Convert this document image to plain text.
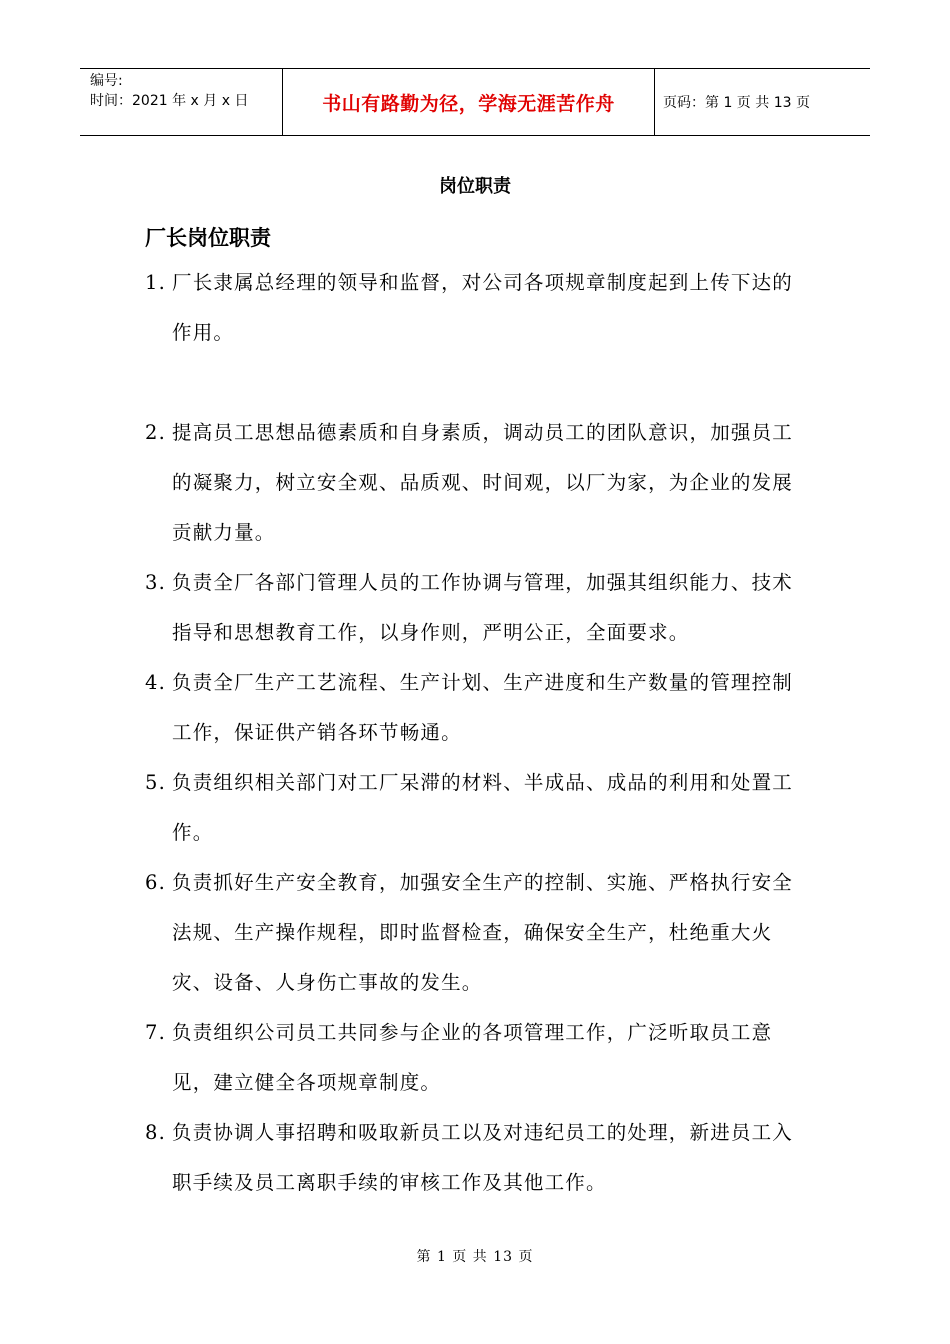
编号:
时间：2021 年 x 月 x 日	书山有路勤为径，学海无涯苦作舟	页码：第 1 页 共 13 页
岗位职责
厂长岗位职责
1. 厂长隶属总经理的领导和监督，对公司各项规章制度起到上传下达的作用。
2. 提高员工思想品德素质和自身素质，调动员工的团队意识，加强员工的凝聚力，树立安全观、品质观、时间观，以厂为家，为企业的发展贡献力量。
3. 负责全厂各部门管理人员的工作协调与管理，加强其组织能力、技术指导和思想教育工作，以身作则，严明公正，全面要求。
4. 负责全厂生产工艺流程、生产计划、生产进度和生产数量的管理控制工作，保证供产销各环节畅通。
5. 负责组织相关部门对工厂呆滞的材料、半成品、成品的利用和处置工作。
6. 负责抓好生产安全教育，加强安全生产的控制、实施、严格执行安全法规、生产操作规程，即时监督检查，确保安全生产，杜绝重大火灾、设备、人身伤亡事故的发生。
7. 负责组织公司员工共同参与企业的各项管理工作，广泛听取员工意见，建立健全各项规章制度。
8. 负责协调人事招聘和吸取新员工以及对违纪员工的处理，新进员工入职手续及员工离职手续的审核工作及其他工作。
第 1 页 共 13 页
